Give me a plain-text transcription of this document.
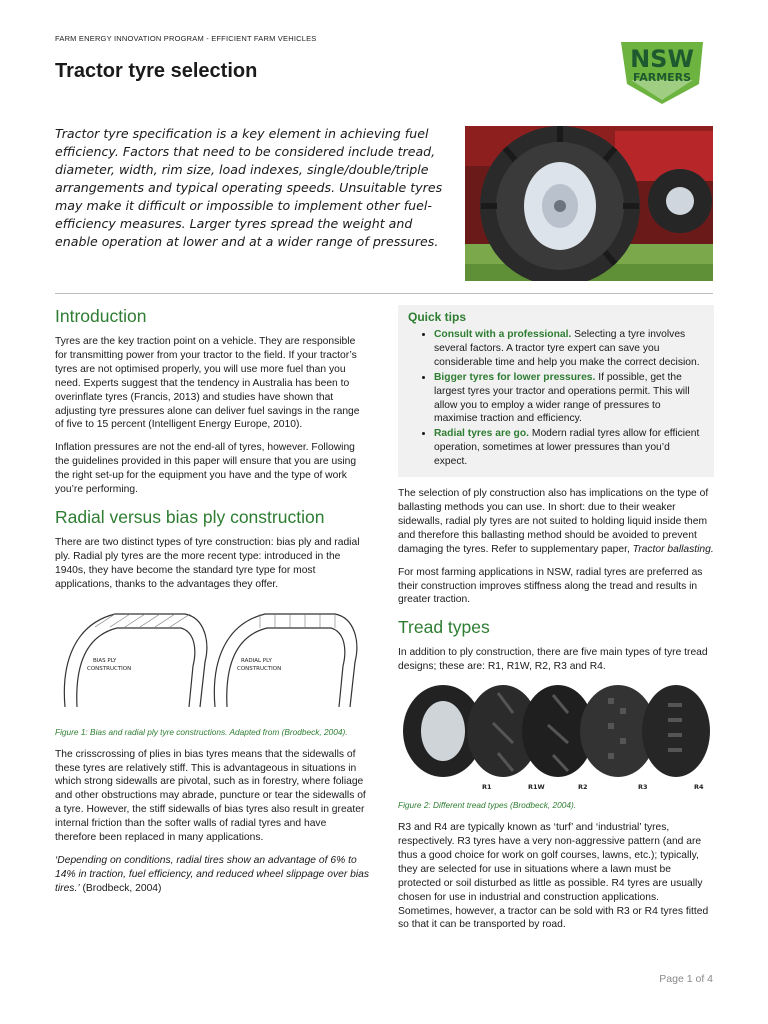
FARM ENERGY INNOVATION PROGRAM - EFFICIENT FARM VEHICLES
Tractor tyre selection	NSW
FARMERS

Tractor tyre specification is a key element in achieving fuel efficiency. Factors that need to be considered include tread, diameter, width, rim size, load indexes, single/double/triple arrangements and typical operating speeds. Unsuitable tyres may make it difficult or impossible to implement other fuel-efficiency measures. Larger tyres spread the weight and enable operation at lower and at a wider range of pressures.

Introduction

Tyres are the key traction point on a vehicle. They are responsible for transmitting power from your tractor to the field. If your tractor’s tyres are not optimised properly, you will use more fuel than you need. Experts suggest that the tendency in Australia has been to overinflate tyres (Francis, 2013) and studies have shown that adjusting tyre pressures alone can deliver fuel savings in the range of five to 15 percent (Intelligent Energy Europe, 2010).

Inflation pressures are not the end-all of tyres, however. Following the guidelines provided in this paper will ensure that you are using the right set-up for the equipment you have and the type of work you’re performing.

Radial versus bias ply construction

There are two distinct types of tyre construction: bias ply and radial ply. Radial ply tyres are the more recent type: introduced in the 1940s, they have become the standard tyre type for most applications, thanks to the advantages they offer.

BIAS PLY
CONSTRUCTION
RADIAL PLY
CONSTRUCTION

Figure 1: Bias and radial ply tyre constructions. Adapted from (Brodbeck, 2004).

The crisscrossing of plies in bias tyres means that the sidewalls of these tyres are relatively stiff. This is advantageous in situations in which strong sidewalls are pivotal, such as in forestry, where foliage and other obstructions may abrade, puncture or tear the sidewalls of a tyre. However, the stiff sidewalls of bias tyres also result in greater internal friction than the softer walls of radial tyres and have therefore been replaced in many applications.

‘Depending on conditions, radial tires show an advantage of 6% to 14% in traction, fuel efficiency, and reduced wheel slippage over bias tires.’ (Brodbeck, 2004)

Quick tips
• Consult with a professional. Selecting a tyre involves several factors. A tractor tyre expert can save you considerable time and help you make the correct decision.
• Bigger tyres for lower pressures. If possible, get the largest tyres your tractor and operations permit. This will allow you to employ a wider range of pressures to maximise traction and efficiency.
• Radial tyres are go. Modern radial tyres allow for efficient operation, sometimes at lower pressures than you’d expect.

The selection of ply construction also has implications on the type of ballasting methods you can use. In short: due to their weaker sidewalls, radial ply tyres are not suited to holding liquid inside them and therefore this ballasting method should be avoided to prevent damaging the tyres. Refer to supplementary paper, Tractor ballasting.

For most farming applications in NSW, radial tyres are preferred as their construction improves stiffness along the tread and results in greater traction.

Tread types

In addition to ply construction, there are five main types of tyre tread designs; these are: R1, R1W, R2, R3 and R4.

R1	R1W	R2	R3	R4

Figure 2: Different tread types (Brodbeck, 2004).

R3 and R4 are typically known as ‘turf’ and ‘industrial’ tyres, respectively. R3 tyres have a very non-aggressive pattern (and are thus a good choice for work on golf courses, lawns, etc.); typically, they are selected for use in situations where a lawn must be protected or soil disturbed as little as possible. R4 tyres are usually chosen for use in industrial and construction applications. Sometimes, however, a tractor can be sold with R3 or R4 tyres fitted so that it can be transported by road.

Page 1 of 4
